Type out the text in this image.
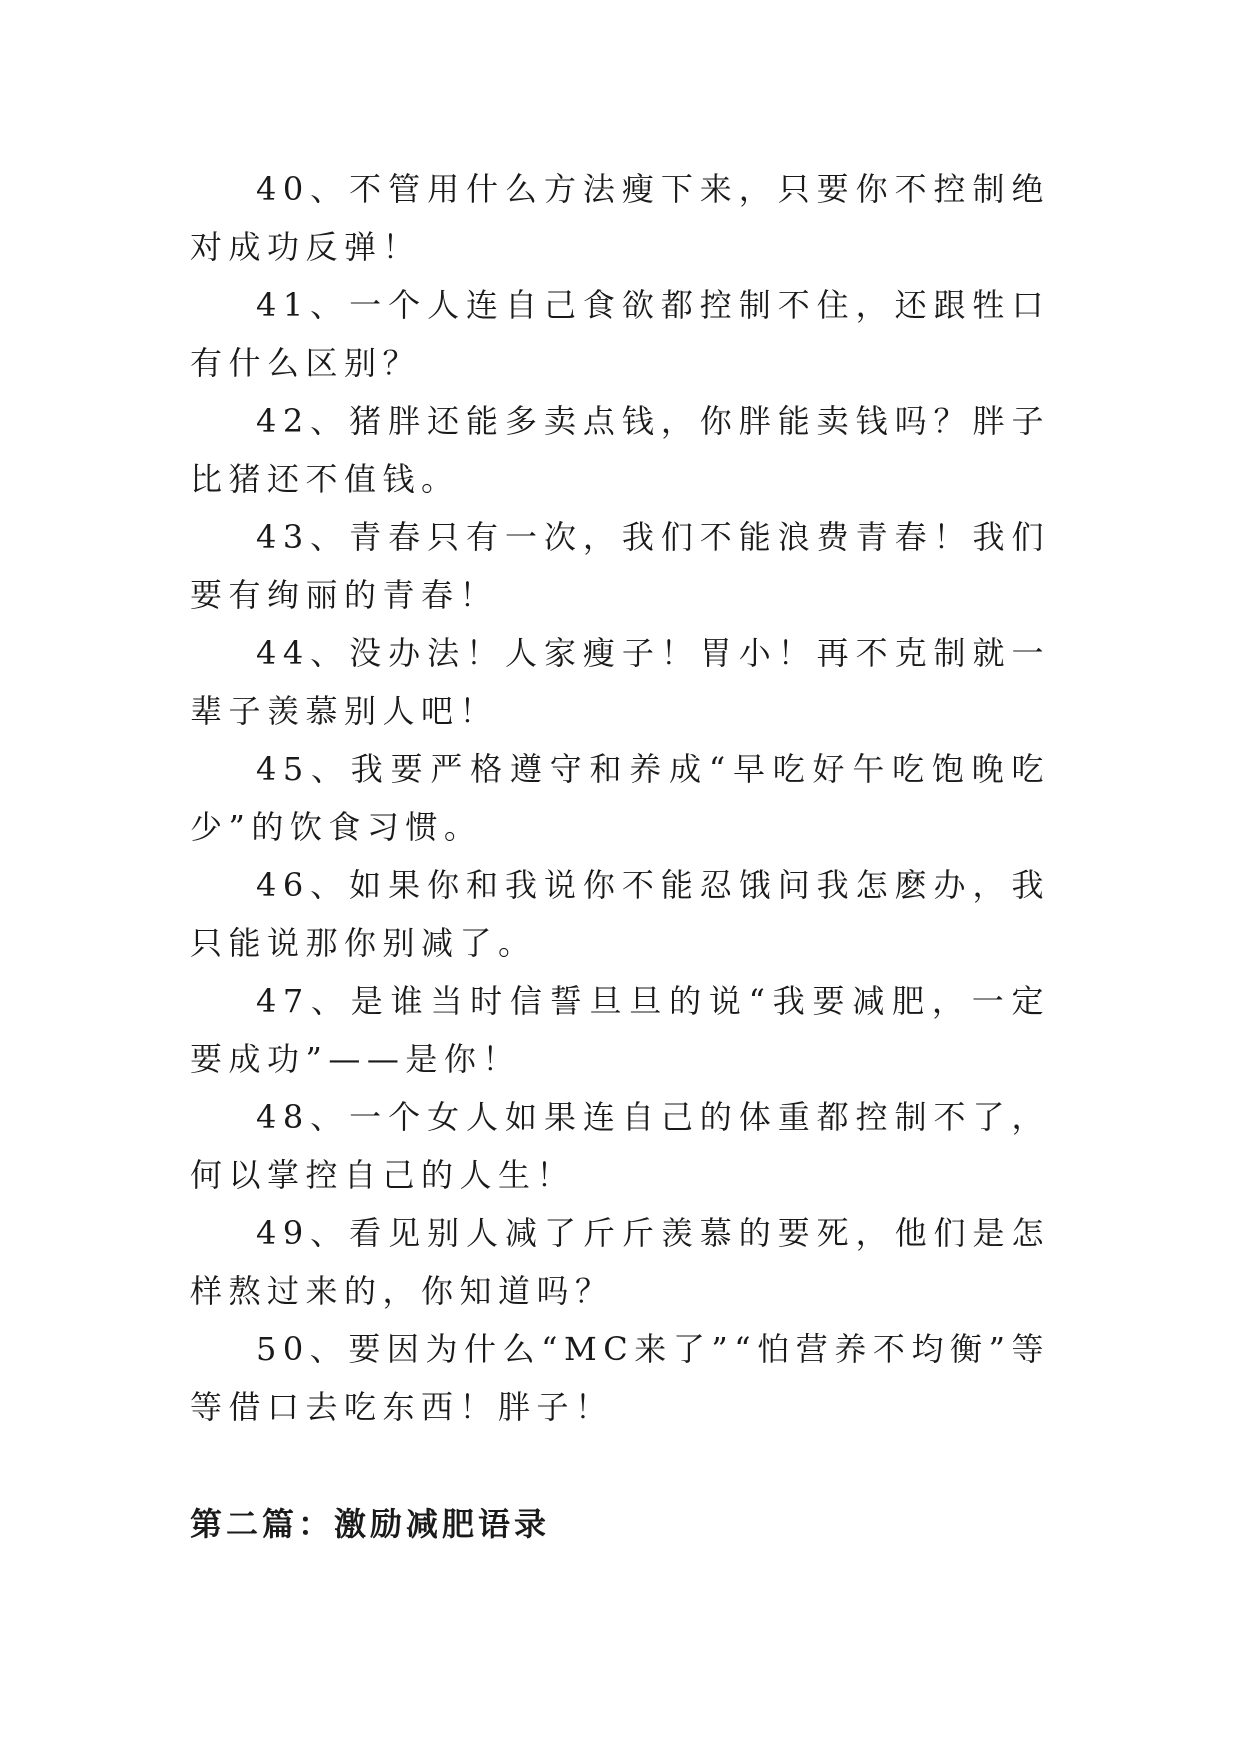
40、不管用什么方法瘦下来，只要你不控制绝对成功反弹！

41、一个人连自己食欲都控制不住，还跟牲口有什么区别？

42、猪胖还能多卖点钱，你胖能卖钱吗？胖子比猪还不值钱。

43、青春只有一次，我们不能浪费青春！我们要有绚丽的青春！

44、没办法！人家瘦子！胃小！再不克制就一辈子羡慕别人吧！

45、我要严格遵守和养成“早吃好午吃饱晚吃少”的饮食习惯。

46、如果你和我说你不能忍饿问我怎麽办，我只能说那你别减了。

47、是谁当时信誓旦旦的说“我要减肥，一定要成功”——是你！

48、一个女人如果连自己的体重都控制不了，何以掌控自己的人生！

49、看见别人减了斤斤羡慕的要死，他们是怎样熬过来的，你知道吗？

50、要因为什么“MC来了”“怕营养不均衡”等等借口去吃东西！胖子！

第二篇：激励减肥语录
